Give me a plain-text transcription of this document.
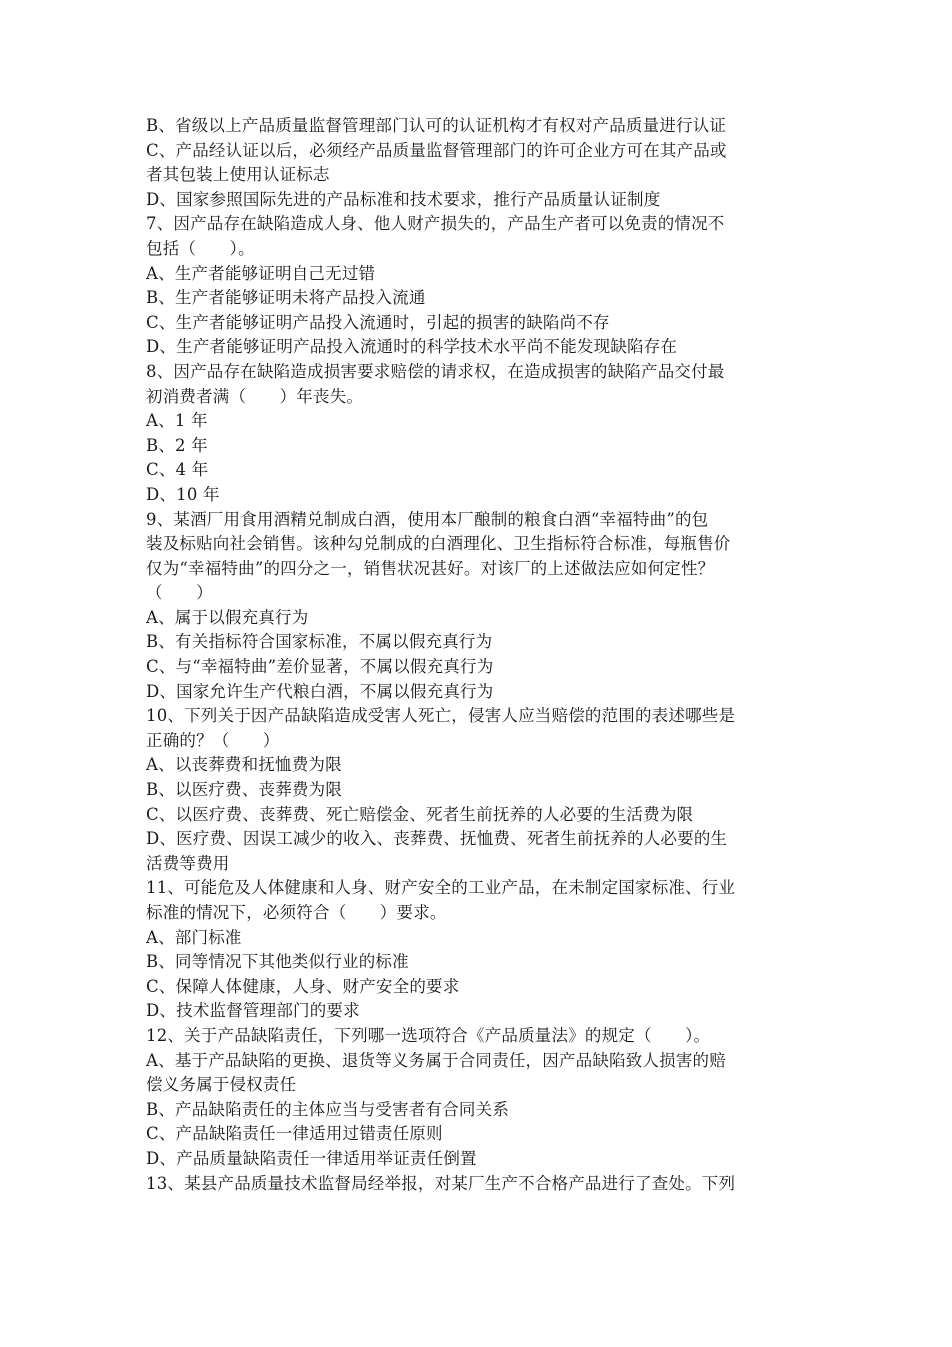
B、省级以上产品质量监督管理部门认可的认证机构才有权对产品质量进行认证
C、产品经认证以后，必须经产品质量监督管理部门的许可企业方可在其产品或
者其包装上使用认证标志
D、国家参照国际先进的产品标准和技术要求，推行产品质量认证制度
7、因产品存在缺陷造成人身、他人财产损失的，产品生产者可以免责的情况不
包括（　　）。
A、生产者能够证明自己无过错
B、生产者能够证明未将产品投入流通
C、生产者能够证明产品投入流通时，引起的损害的缺陷尚不存
D、生产者能够证明产品投入流通时的科学技术水平尚不能发现缺陷存在
8、因产品存在缺陷造成损害要求赔偿的请求权，在造成损害的缺陷产品交付最
初消费者满（　　）年丧失。
A、1 年
B、2 年
C、4 年
D、10 年
9、某酒厂用食用酒精兑制成白酒，使用本厂酿制的粮食白酒“幸福特曲”的包
装及标贴向社会销售。该种勾兑制成的白酒理化、卫生指标符合标准，每瓶售价
仅为“幸福特曲”的四分之一，销售状况甚好。对该厂的上述做法应如何定性？
（　　）
A、属于以假充真行为
B、有关指标符合国家标准，不属以假充真行为
C、与“幸福特曲”差价显著，不属以假充真行为
D、国家允许生产代粮白酒，不属以假充真行为
10、下列关于因产品缺陷造成受害人死亡，侵害人应当赔偿的范围的表述哪些是
正确的？（　　）
A、以丧葬费和抚恤费为限
B、以医疗费、丧葬费为限
C、以医疗费、丧葬费、死亡赔偿金、死者生前抚养的人必要的生活费为限
D、医疗费、因误工减少的收入、丧葬费、抚恤费、死者生前抚养的人必要的生
活费等费用
11、可能危及人体健康和人身、财产安全的工业产品，在未制定国家标准、行业
标准的情况下，必须符合（　　）要求。
A、部门标准
B、同等情况下其他类似行业的标准
C、保障人体健康，人身、财产安全的要求
D、技术监督管理部门的要求
12、关于产品缺陷责任，下列哪一选项符合《产品质量法》的规定（　　）。
A、基于产品缺陷的更换、退货等义务属于合同责任，因产品缺陷致人损害的赔
偿义务属于侵权责任
B、产品缺陷责任的主体应当与受害者有合同关系
C、产品缺陷责任一律适用过错责任原则
D、产品质量缺陷责任一律适用举证责任倒置
13、某县产品质量技术监督局经举报，对某厂生产不合格产品进行了查处。下列
